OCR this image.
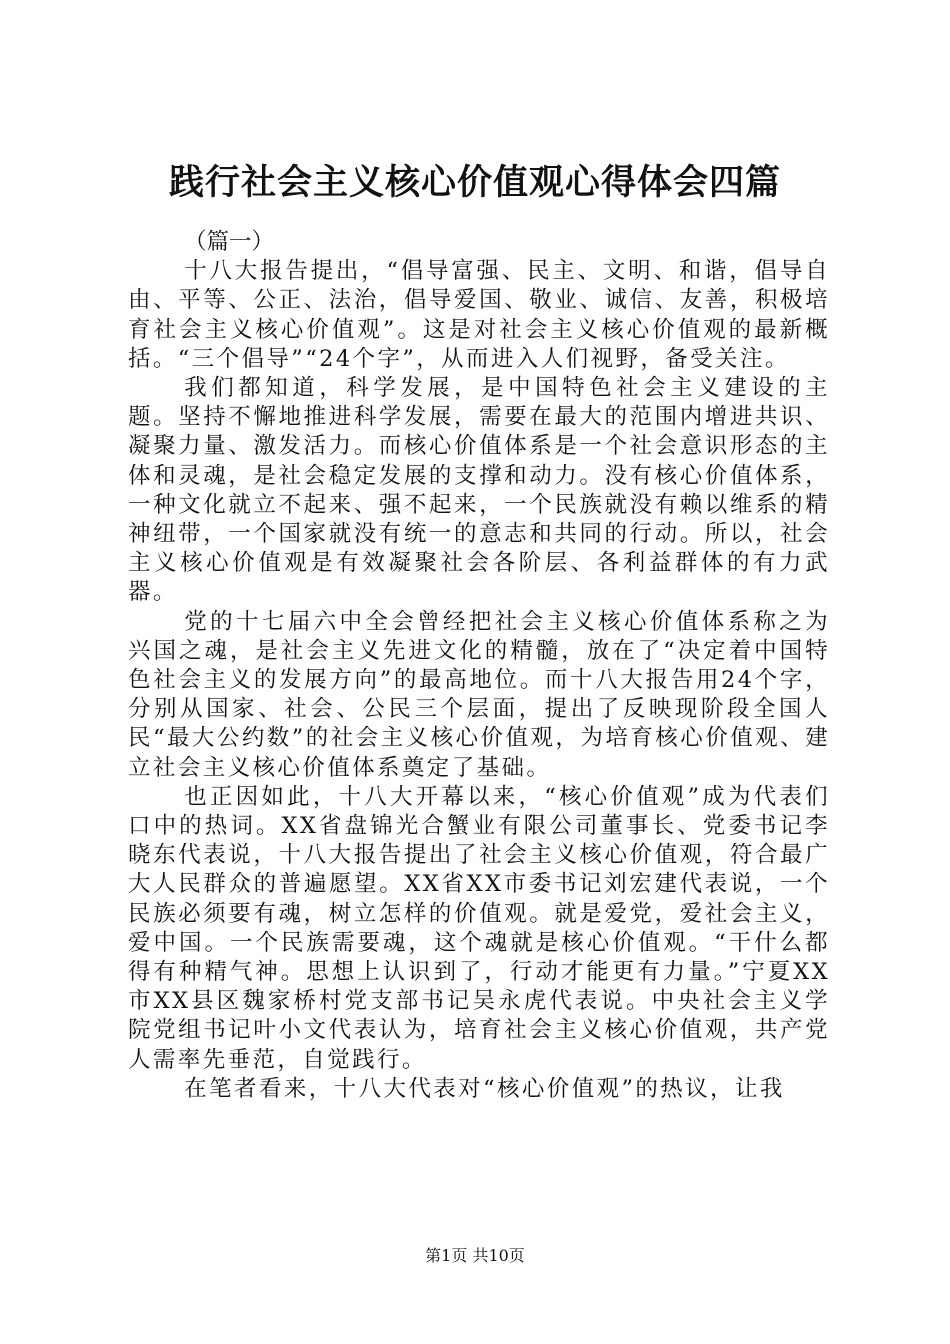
践行社会主义核心价值观心得体会四篇

（篇一）

十八大报告提出，“倡导富强、民主、文明、和谐，倡导自由、平等、公正、法治，倡导爱国、敬业、诚信、友善，积极培育社会主义核心价值观”。这是对社会主义核心价值观的最新概括。“三个倡导”“24个字”，从而进入人们视野，备受关注。

我们都知道，科学发展，是中国特色社会主义建设的主题。坚持不懈地推进科学发展，需要在最大的范围内增进共识、凝聚力量、激发活力。而核心价值体系是一个社会意识形态的主体和灵魂，是社会稳定发展的支撑和动力。没有核心价值体系，一种文化就立不起来、强不起来，一个民族就没有赖以维系的精神纽带，一个国家就没有统一的意志和共同的行动。所以，社会主义核心价值观是有效凝聚社会各阶层、各利益群体的有力武器。

党的十七届六中全会曾经把社会主义核心价值体系称之为兴国之魂，是社会主义先进文化的精髓，放在了“决定着中国特色社会主义的发展方向”的最高地位。而十八大报告用24个字，分别从国家、社会、公民三个层面，提出了反映现阶段全国人民“最大公约数”的社会主义核心价值观，为培育核心价值观、建立社会主义核心价值体系奠定了基础。

也正因如此，十八大开幕以来，“核心价值观”成为代表们口中的热词。XX省盘锦光合蟹业有限公司董事长、党委书记李晓东代表说，十八大报告提出了社会主义核心价值观，符合最广大人民群众的普遍愿望。XX省XX市委书记刘宏建代表说，一个民族必须要有魂，树立怎样的价值观。就是爱党，爱社会主义，爱中国。一个民族需要魂，这个魂就是核心价值观。“干什么都得有种精气神。思想上认识到了，行动才能更有力量。”宁夏XX市XX县区魏家桥村党支部书记吴永虎代表说。中央社会主义学院党组书记叶小文代表认为，培育社会主义核心价值观，共产党人需率先垂范，自觉践行。

在笔者看来，十八大代表对“核心价值观”的热议，让我

第1页 共10页
